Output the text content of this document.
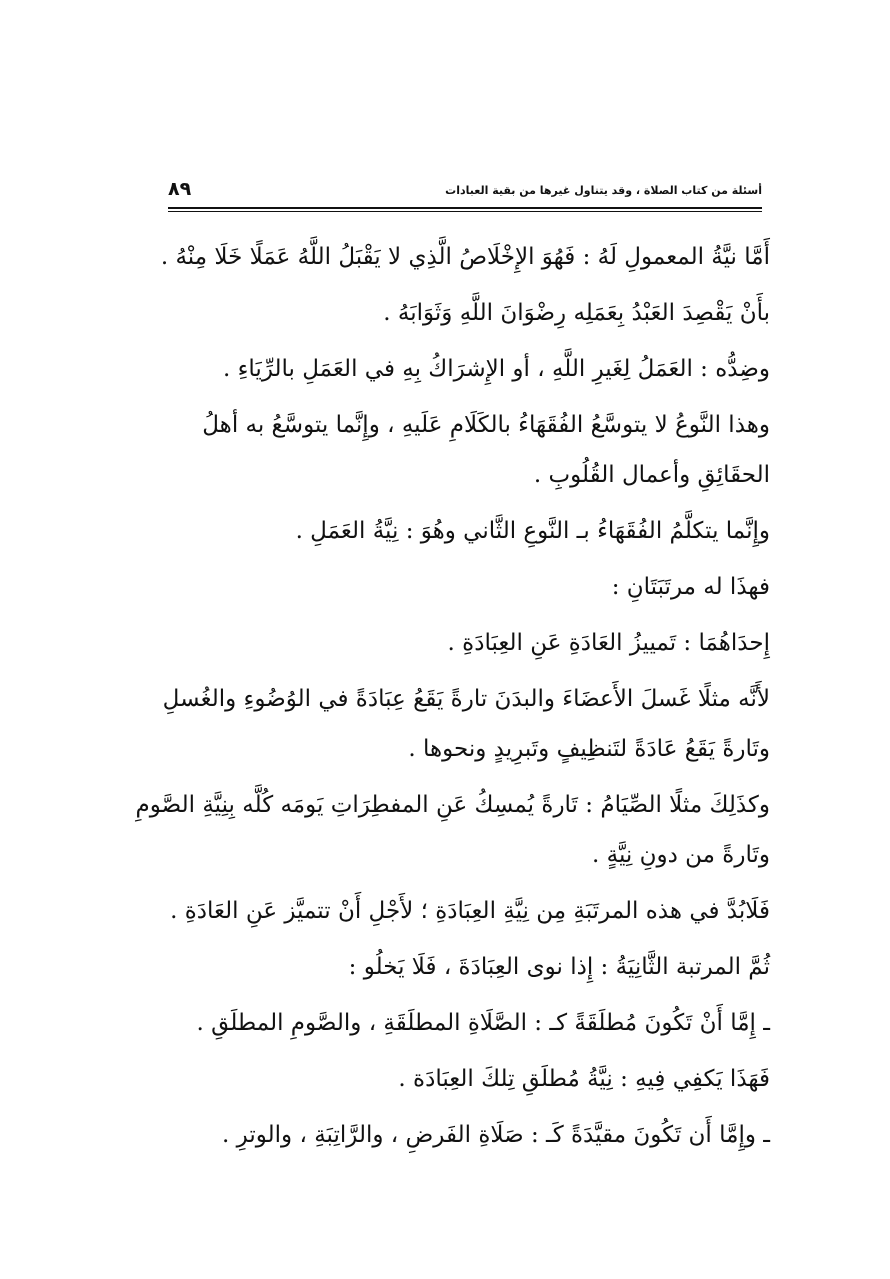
أسئلة من كتاب الصلاة ، وقد يتناول غيرها من بقية العبادات
٨٩

أَمَّا نيَّةُ المعمولِ لَهُ : فَهُوَ الإِخْلَاصُ الَّذِي لا يَقْبَلُ اللَّهُ عَمَلًا خَلَا مِنْهُ .

بأَنْ يَقْصِدَ العَبْدُ بِعَمَلِه رِضْوَانَ اللَّهِ وَثَوَابَهُ .

وضِدُّه : العَمَلُ لِغَيرِ اللَّهِ ، أو الإِشرَاكُ بِهِ في العَمَلِ بالرِّيَاءِ .

وهذا النَّوعُ لا يتوسَّعُ الفُقَهَاءُ بالكَلَامِ عَلَيهِ ، وإِنَّما يتوسَّعُ به أهلُ
الحقَائِقِ وأعمال القُلُوبِ .

وإِنَّما يتكلَّمُ الفُقَهَاءُ بـ النَّوعِ الثَّاني وهُوَ : نِيَّةُ العَمَلِ .

فهذَا له مرتَبَتَانِ :

إِحدَاهُمَا : تَمييزُ العَادَةِ عَنِ العِبَادَةِ .

لأَنَّه مثلًا غَسلَ الأَعضَاءَ والبدَنَ تارةً يَقَعُ عِبَادَةً في الوُضُوءِ والغُسلِ
وتَارةً يَقَعُ عَادَةً لتَنظِيفٍ وتَبرِيدٍ ونحوها .

وكذَلِكَ مثلًا الصِّيَامُ : تَارةً يُمسِكُ عَنِ المفطِرَاتِ يَومَه كُلَّه بِنِيَّةِ الصَّومِ
وتَارةً من دونِ نِيَّةٍ .

فَلَابُدَّ في هذه المرتَبَةِ مِن نِيَّةِ العِبَادَةِ ؛ لأَجْلِ أَنْ تتميَّز عَنِ العَادَةِ .

ثُمَّ المرتبة الثَّانِيَةُ : إِذا نوى العِبَادَةَ ، فَلَا يَخلُو :

ـ إِمَّا أَنْ تَكُونَ مُطلَقَةً كـ : الصَّلَاةِ المطلَقَةِ ، والصَّومِ المطلَقِ .

فَهَذَا يَكفِي فِيهِ : نِيَّةُ مُطلَقِ تِلكَ العِبَادَة .

ـ وإِمَّا أَن تَكُونَ مقيَّدَةً كَـ : صَلَاةِ الفَرضِ ، والرَّاتِبَةِ ، والوترِ .
